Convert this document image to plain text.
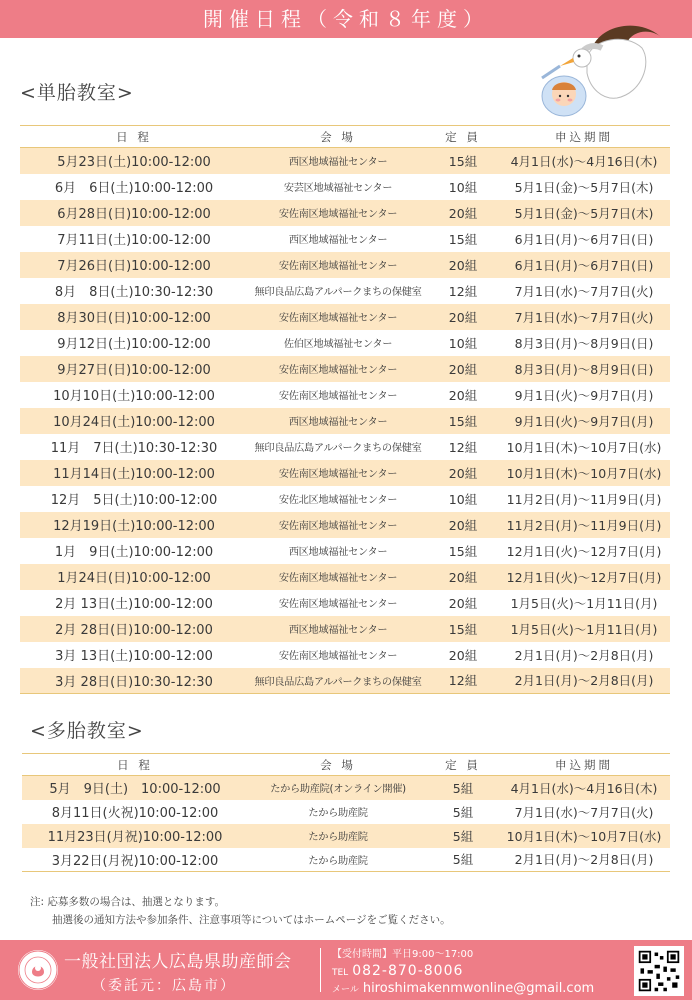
開催日程（令和８年度）
<単胎教室>
日 程	会 場	定 員	申込期間
5月23日(土)10:00-12:00	西区地域福祉センター	15組	4月1日(水)～4月16日(木)
6月　6日(土)10:00-12:00	安芸区地域福祉センター	10組	5月1日(金)～5月7日(木)
6月28日(日)10:00-12:00	安佐南区地域福祉センター	20組	5月1日(金)～5月7日(木)
7月11日(土)10:00-12:00	西区地域福祉センター	15組	6月1日(月)～6月7日(日)
7月26日(日)10:00-12:00	安佐南区地域福祉センター	20組	6月1日(月)～6月7日(日)
8月　8日(土)10:30-12:30	無印良品広島アルパークまちの保健室	12組	7月1日(水)～7月7日(火)
8月30日(日)10:00-12:00	安佐南区地域福祉センター	20組	7月1日(水)～7月7日(火)
9月12日(土)10:00-12:00	佐伯区地域福祉センター	10組	8月3日(月)～8月9日(日)
9月27日(日)10:00-12:00	安佐南区地域福祉センター	20組	8月3日(月)～8月9日(日)
10月10日(土)10:00-12:00	安佐南区地域福祉センター	20組	9月1日(火)～9月7日(月)
10月24日(土)10:00-12:00	西区地域福祉センター	15組	9月1日(火)～9月7日(月)
11月　7日(土)10:30-12:30	無印良品広島アルパークまちの保健室	12組	10月1日(木)～10月7日(水)
11月14日(土)10:00-12:00	安佐南区地域福祉センター	20組	10月1日(木)～10月7日(水)
12月　5日(土)10:00-12:00	安佐北区地域福祉センター	10組	11月2日(月)～11月9日(月)
12月19日(土)10:00-12:00	安佐南区地域福祉センター	20組	11月2日(月)～11月9日(月)
1月　9日(土)10:00-12:00	西区地域福祉センター	15組	12月1日(火)～12月7日(月)
1月24日(日)10:00-12:00	安佐南区地域福祉センター	20組	12月1日(火)～12月7日(月)
2月 13日(土)10:00-12:00	安佐南区地域福祉センター	20組	1月5日(火)～1月11日(月)
2月 28日(日)10:00-12:00	西区地域福祉センター	15組	1月5日(火)～1月11日(月)
3月 13日(土)10:00-12:00	安佐南区地域福祉センター	20組	2月1日(月)～2月8日(月)
3月 28日(日)10:30-12:30	無印良品広島アルパークまちの保健室	12組	2月1日(月)～2月8日(月)
<多胎教室>
日 程	会 場	定 員	申込期間
5月　9日(土)　10:00-12:00	たから助産院(オンライン開催)	5組	4月1日(水)～4月16日(木)
8月11日(火祝)10:00-12:00	たから助産院	5組	7月1日(水)～7月7日(火)
11月23日(月祝)10:00-12:00	たから助産院	5組	10月1日(木)～10月7日(水)
3月22日(月祝)10:00-12:00	たから助産院	5組	2月1日(月)～2月8日(月)
注: 応募多数の場合は、抽選となります。
抽選後の通知方法や参加条件、注意事項等についてはホームページをご覧ください。
一般社団法人広島県助産師会
（委託元：広島市）
【受付時間】平日9:00～17:00
TEL 082-870-8006
メール hiroshimakenmwonline@gmail.com
